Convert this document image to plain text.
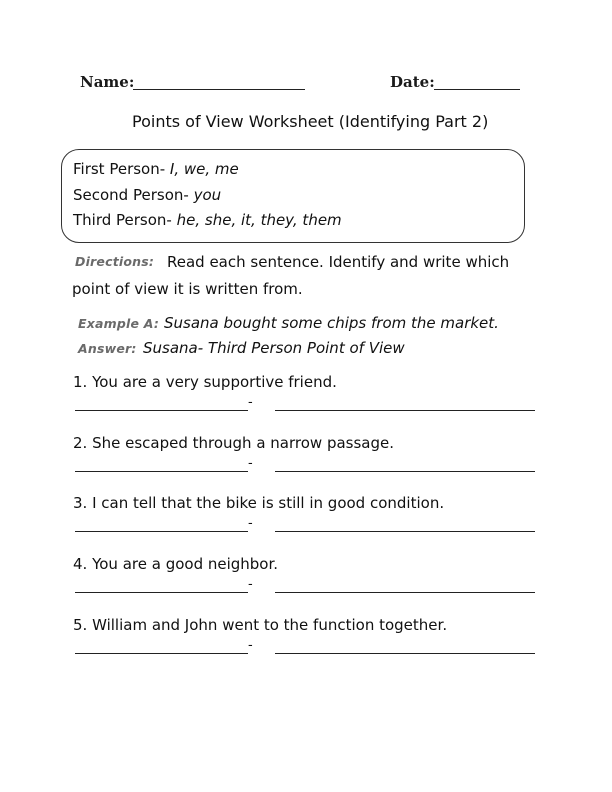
Name:	Date:
Points of View Worksheet (Identifying Part 2)
First Person- I, we, me
Second Person- you
Third Person- he, she, it, they, them
Directions: Read each sentence. Identify and write which
point of view it is written from.
Example A: Susana bought some chips from the market.
Answer: Susana- Third Person Point of View
1. You are a very supportive friend.
-
2. She escaped through a narrow passage.
-
3. I can tell that the bike is still in good condition.
-
4. You are a good neighbor.
-
5. William and John went to the function together.
-
